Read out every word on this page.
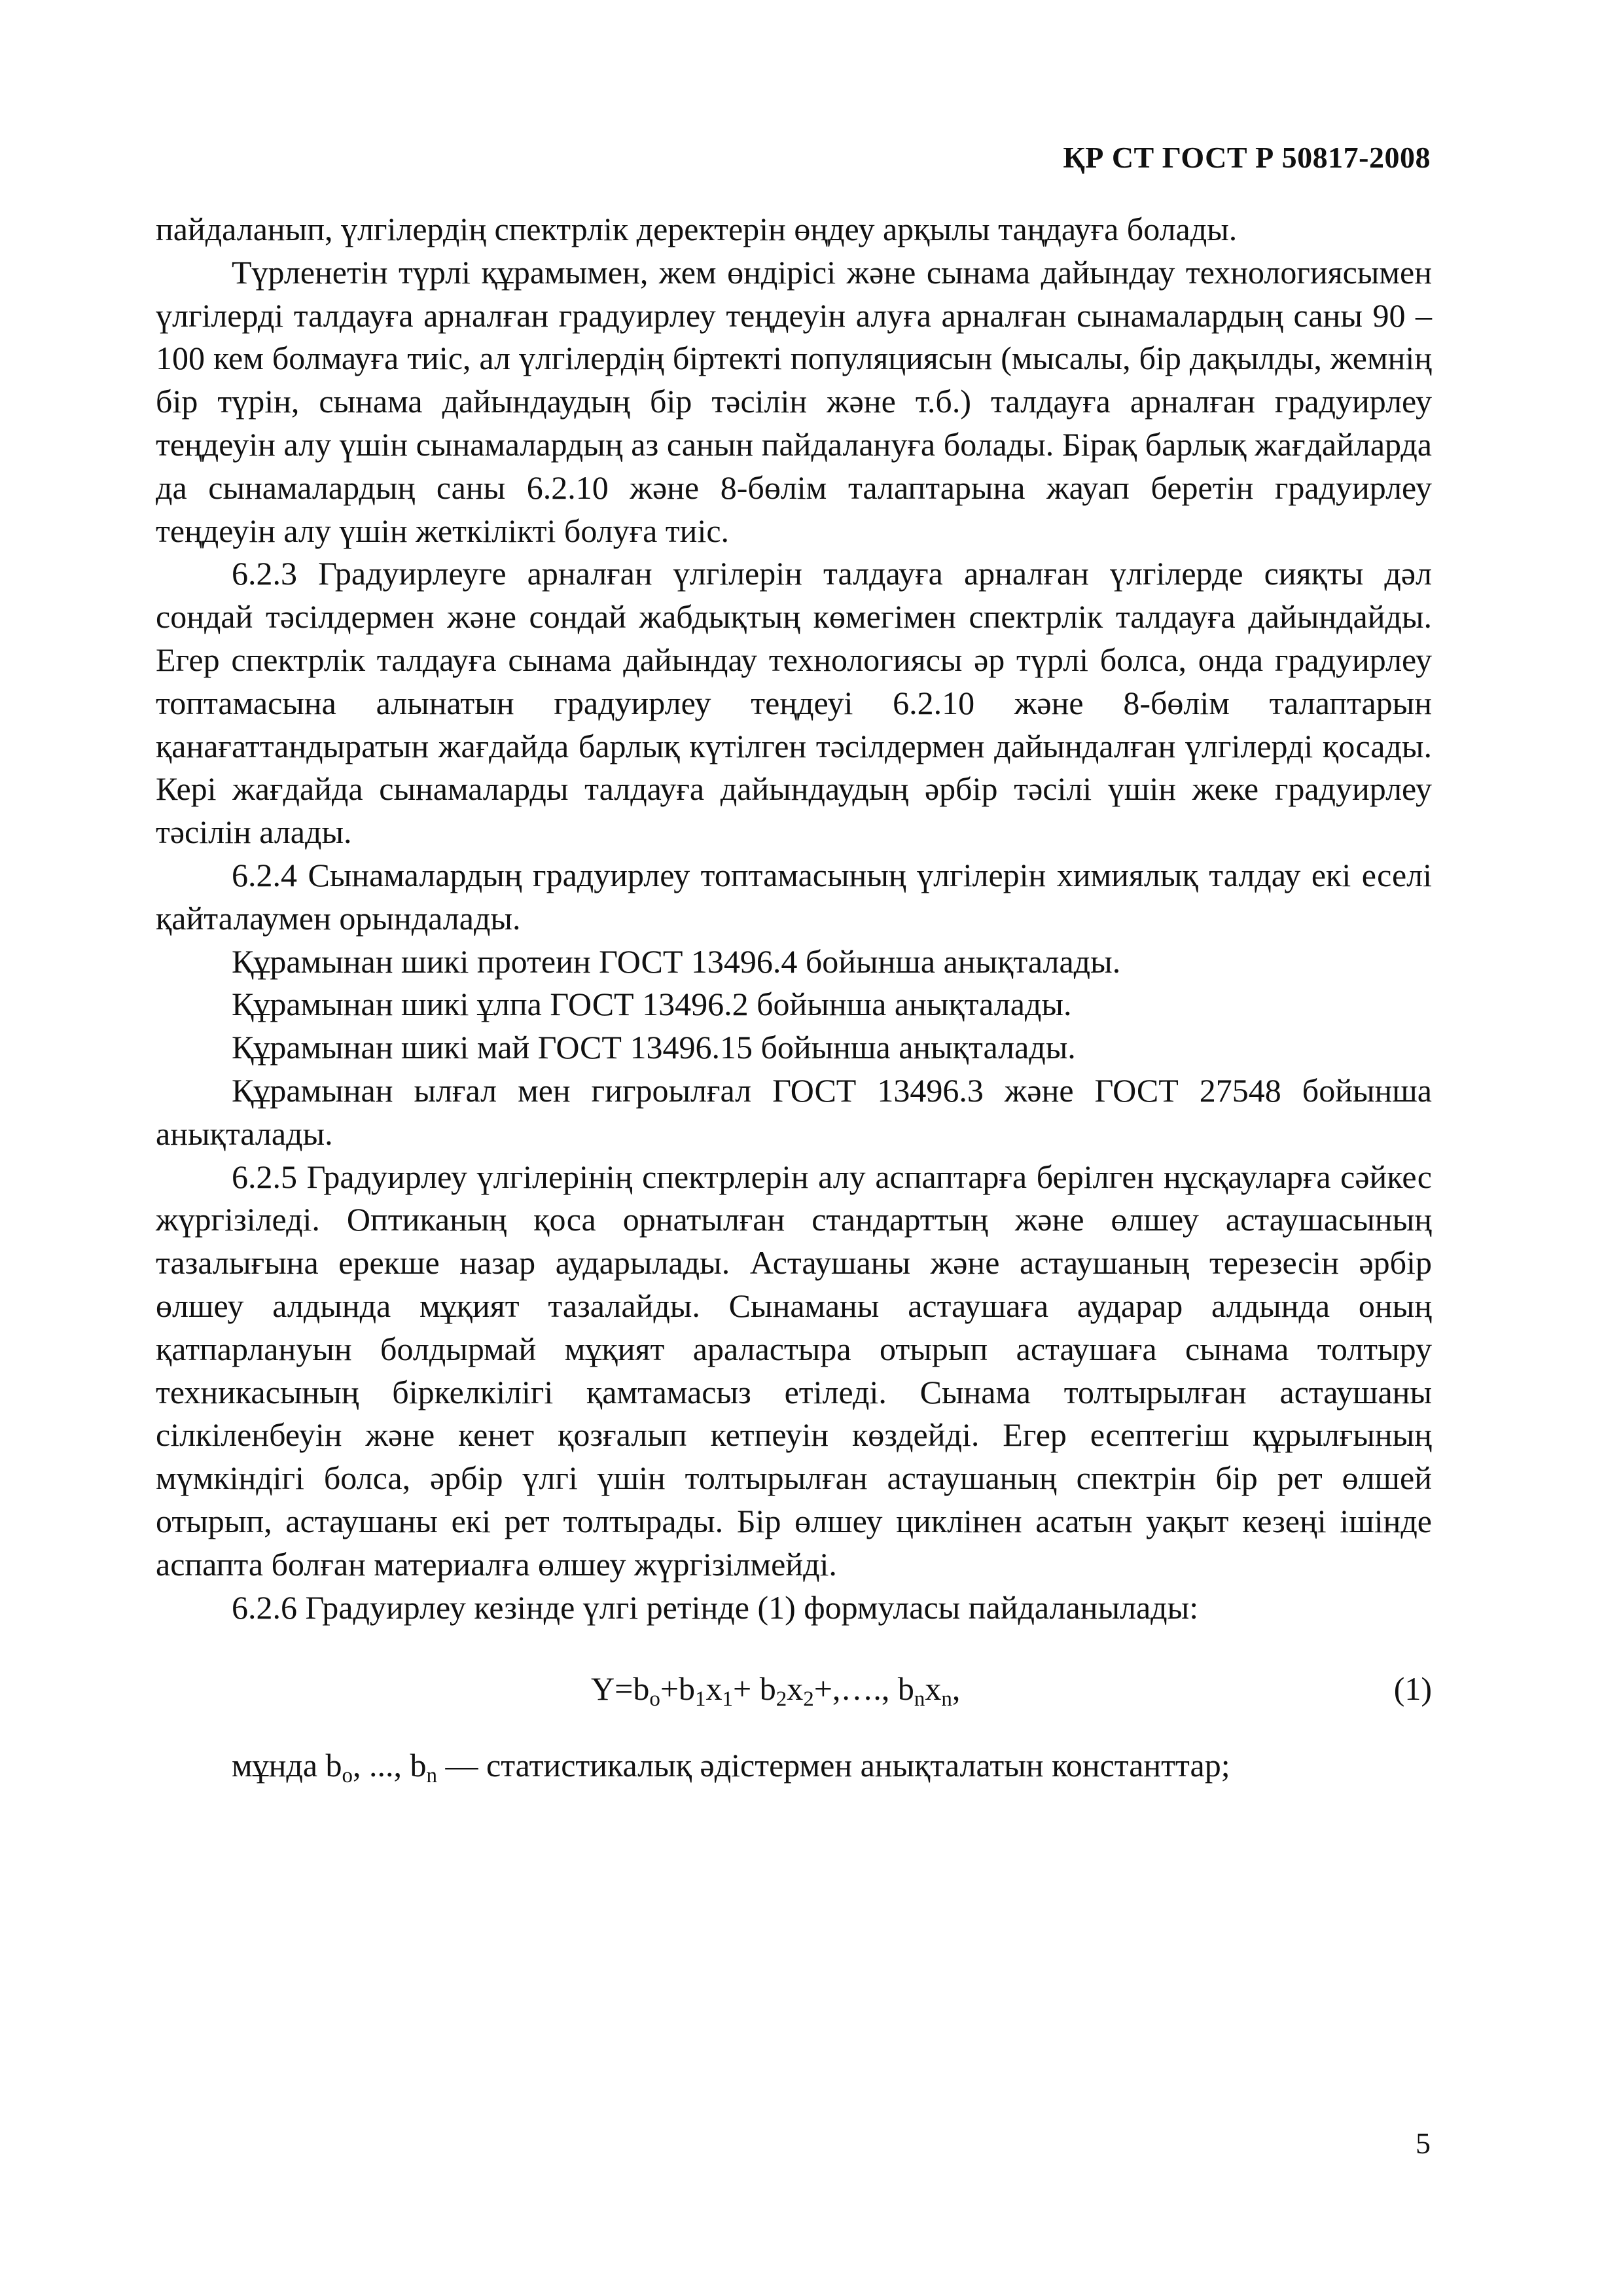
ҚР СТ ГОСТ Р 50817-2008

пайдаланып, үлгілердің спектрлік деректерін өңдеу арқылы таңдауға болады.

Түрленетін түрлі құрамымен, жем өндірісі және сынама дайындау технологиясымен үлгілерді талдауға арналған градуирлеу теңдеуін алуға арналған сынамалардың саны 90 – 100 кем болмауға тиіс, ал үлгілердің біртекті популяциясын (мысалы, бір дақылды, жемнің бір түрін, сынама дайындаудың бір тәсілін және т.б.) талдауға арналған градуирлеу теңдеуін алу үшін сынамалардың аз санын пайдалануға болады. Бірақ барлық жағдайларда да сынамалардың саны 6.2.10 және 8-бөлім талаптарына жауап беретін градуирлеу теңдеуін алу үшін жеткілікті болуға тиіс.

6.2.3 Градуирлеуге арналған үлгілерін талдауға арналған үлгілерде сияқты дәл сондай тәсілдермен және сондай жабдықтың көмегімен спектрлік талдауға дайындайды. Егер спектрлік талдауға сынама дайындау технологиясы әр түрлі болса, онда градуирлеу топтамасына алынатын градуирлеу теңдеуі 6.2.10 және 8-бөлім талаптарын қанағаттандыратын жағдайда барлық күтілген тәсілдермен дайындалған үлгілерді қосады. Кері жағдайда сынамаларды талдауға дайындаудың әрбір тәсілі үшін жеке градуирлеу тәсілін алады.

6.2.4 Сынамалардың градуирлеу топтамасының үлгілерін химиялық талдау екі еселі қайталаумен орындалады.

Құрамынан шикі протеин ГОСТ 13496.4 бойынша анықталады.

Құрамынан шикі ұлпа ГОСТ 13496.2 бойынша анықталады.

Құрамынан шикі май ГОСТ 13496.15 бойынша анықталады.

Құрамынан ылғал мен гигроылғал ГОСТ 13496.3 және ГОСТ 27548 бойынша анықталады.

6.2.5 Градуирлеу үлгілерінің спектрлерін алу аспаптарға берілген нұсқауларға сәйкес жүргізіледі. Оптиканың қоса орнатылған стандарттың және өлшеу астаушасының тазалығына ерекше назар аударылады. Астаушаны және астаушаның терезесін әрбір өлшеу алдында мұқият тазалайды. Сынаманы астаушаға аударар алдында оның қатпарлануын болдырмай мұқият араластыра отырып астаушаға сынама толтыру техникасының біркелкілігі қамтамасыз етіледі. Сынама толтырылған астаушаны сілкіленбеуін және кенет қозғалып кетпеуін көздейді. Егер есептегіш құрылғының мүмкіндігі болса, әрбір үлгі үшін толтырылған астаушаның спектрін бір рет өлшей отырып, астаушаны екі рет толтырады. Бір өлшеу циклінен асатын уақыт кезеңі ішінде аспапта болған материалға өлшеу жүргізілмейді.

6.2.6 Градуирлеу кезінде үлгі ретінде (1) формуласы пайдаланылады:

$Y=b_o+b_1x_1+$ $b_2x_2+,\dots$., $b_nx_n$,	(1)

мұнда $b_o$, ..., $b_n$ — статистикалық әдістермен анықталатын константтар;

5
